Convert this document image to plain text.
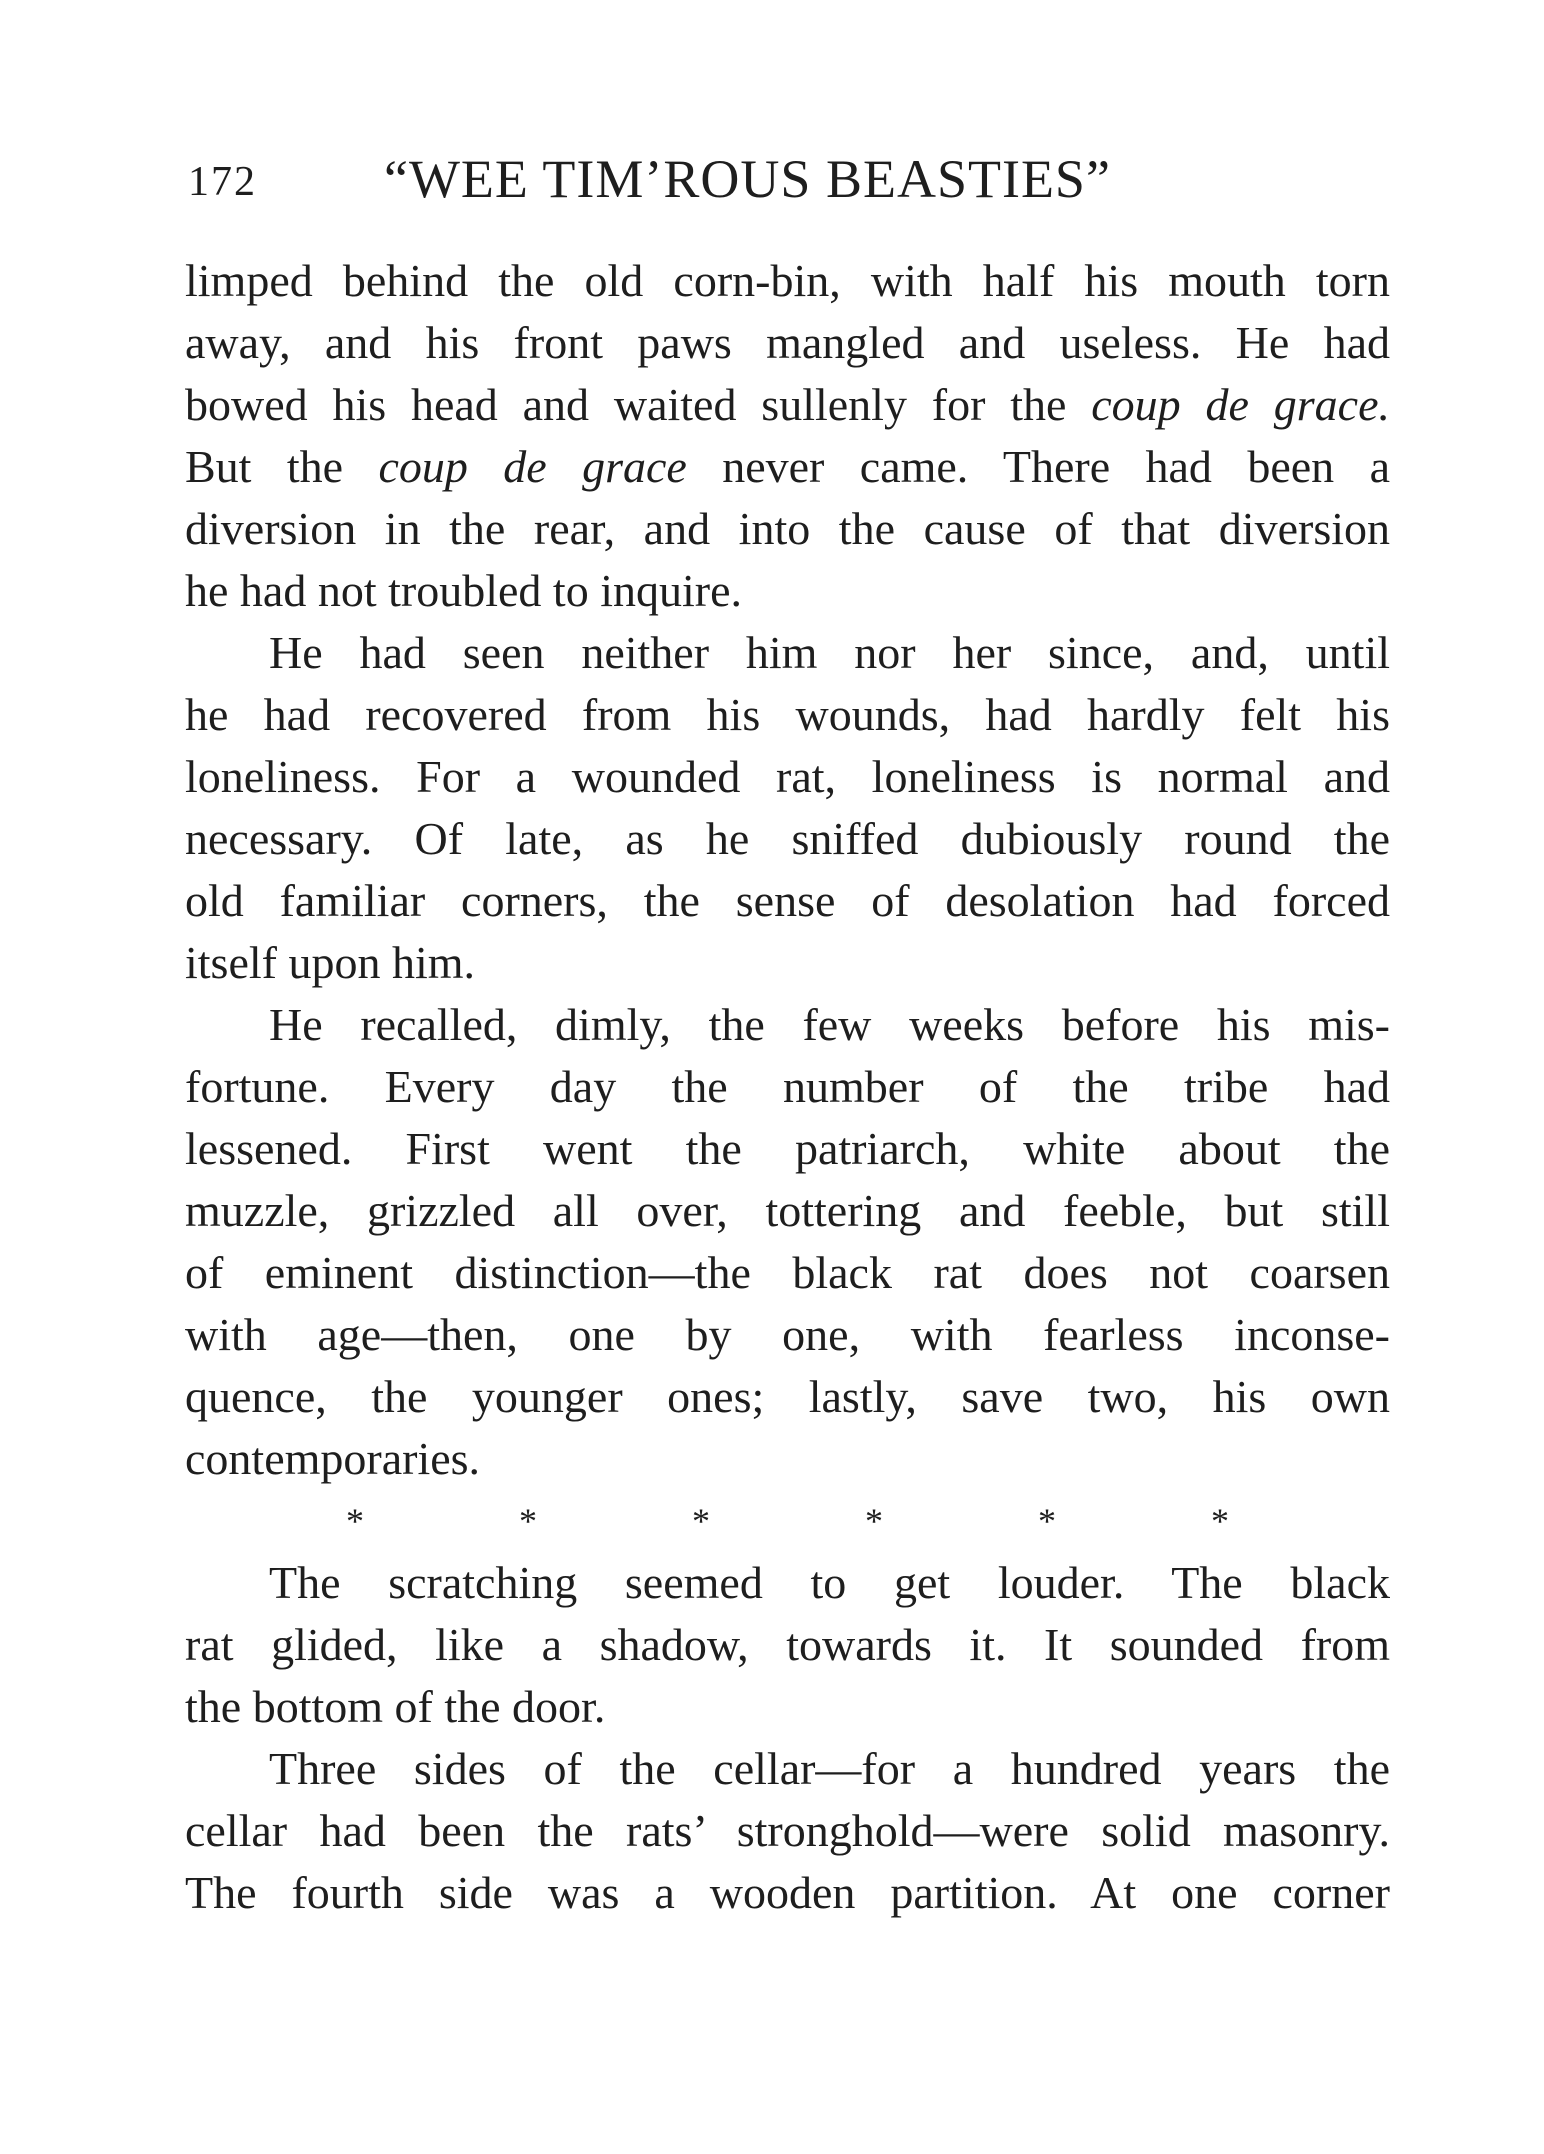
172 “WEE TIM’ROUS BEASTIES”
limped behind the old corn-bin, with half his mouth torn
away, and his front paws mangled and useless. He had
bowed his head and waited sullenly for the coup de grace.
But the coup de grace never came. There had been a
diversion in the rear, and into the cause of that diversion
he had not troubled to inquire.
He had seen neither him nor her since, and, until
he had recovered from his wounds, had hardly felt his
loneliness. For a wounded rat, loneliness is normal and
necessary. Of late, as he sniffed dubiously round the
old familiar corners, the sense of desolation had forced
itself upon him.
He recalled, dimly, the few weeks before his mis-
fortune. Every day the number of the tribe had
lessened. First went the patriarch, white about the
muzzle, grizzled all over, tottering and feeble, but still
of eminent distinction—the black rat does not coarsen
with age—then, one by one, with fearless inconse-
quence, the younger ones; lastly, save two, his own
contemporaries.
*	*	*	*	*	*
The scratching seemed to get louder. The black
rat glided, like a shadow, towards it. It sounded from
the bottom of the door.
Three sides of the cellar—for a hundred years the
cellar had been the rats’ stronghold—were solid masonry.
The fourth side was a wooden partition. At one corner
